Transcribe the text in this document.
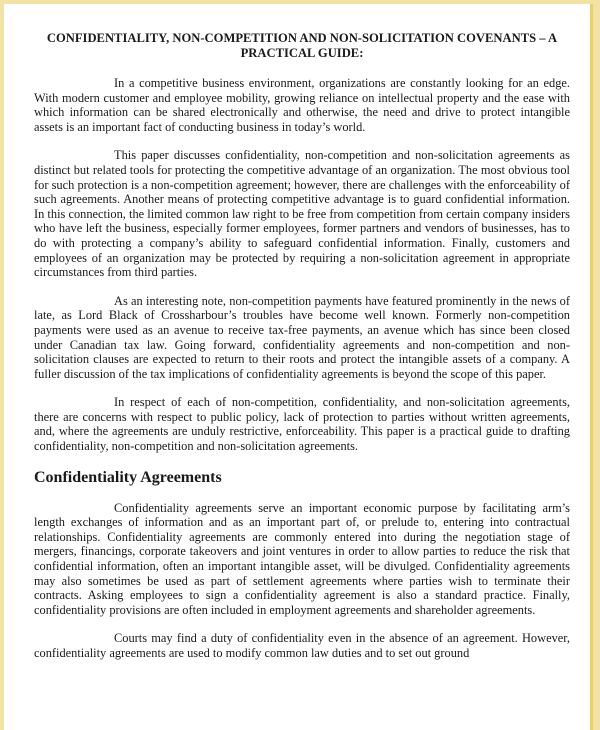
CONFIDENTIALITY, NON-COMPETITION AND NON-SOLICITATION COVENANTS – A PRACTICAL GUIDE:

In a competitive business environment, organizations are constantly looking for an edge. With modern customer and employee mobility, growing reliance on intellectual property and the ease with which information can be shared electronically and otherwise, the need and drive to protect intangible assets is an important fact of conducting business in today’s world.

This paper discusses confidentiality, non-competition and non-solicitation agreements as distinct but related tools for protecting the competitive advantage of an organization. The most obvious tool for such protection is a non-competition agreement; however, there are challenges with the enforceability of such agreements. Another means of protecting competitive advantage is to guard confidential information. In this connection, the limited common law right to be free from competition from certain company insiders who have left the business, especially former employees, former partners and vendors of businesses, has to do with protecting a company’s ability to safeguard confidential information. Finally, customers and employees of an organization may be protected by requiring a non-solicitation agreement in appropriate circumstances from third parties.

As an interesting note, non-competition payments have featured prominently in the news of late, as Lord Black of Crossharbour’s troubles have become well known. Formerly non-competition payments were used as an avenue to receive tax-free payments, an avenue which has since been closed under Canadian tax law. Going forward, confidentiality agreements and non-competition and non-solicitation clauses are expected to return to their roots and protect the intangible assets of a company. A fuller discussion of the tax implications of confidentiality agreements is beyond the scope of this paper.

In respect of each of non-competition, confidentiality, and non-solicitation agreements, there are concerns with respect to public policy, lack of protection to parties without written agreements, and, where the agreements are unduly restrictive, enforceability. This paper is a practical guide to drafting confidentiality, non-competition and non-solicitation agreements.

Confidentiality Agreements

Confidentiality agreements serve an important economic purpose by facilitating arm’s length exchanges of information and as an important part of, or prelude to, entering into contractual relationships. Confidentiality agreements are commonly entered into during the negotiation stage of mergers, financings, corporate takeovers and joint ventures in order to allow parties to reduce the risk that confidential information, often an important intangible asset, will be divulged. Confidentiality agreements may also sometimes be used as part of settlement agreements where parties wish to terminate their contracts. Asking employees to sign a confidentiality agreement is also a standard practice. Finally, confidentiality provisions are often included in employment agreements and shareholder agreements.

Courts may find a duty of confidentiality even in the absence of an agreement. However, confidentiality agreements are used to modify common law duties and to set out ground
